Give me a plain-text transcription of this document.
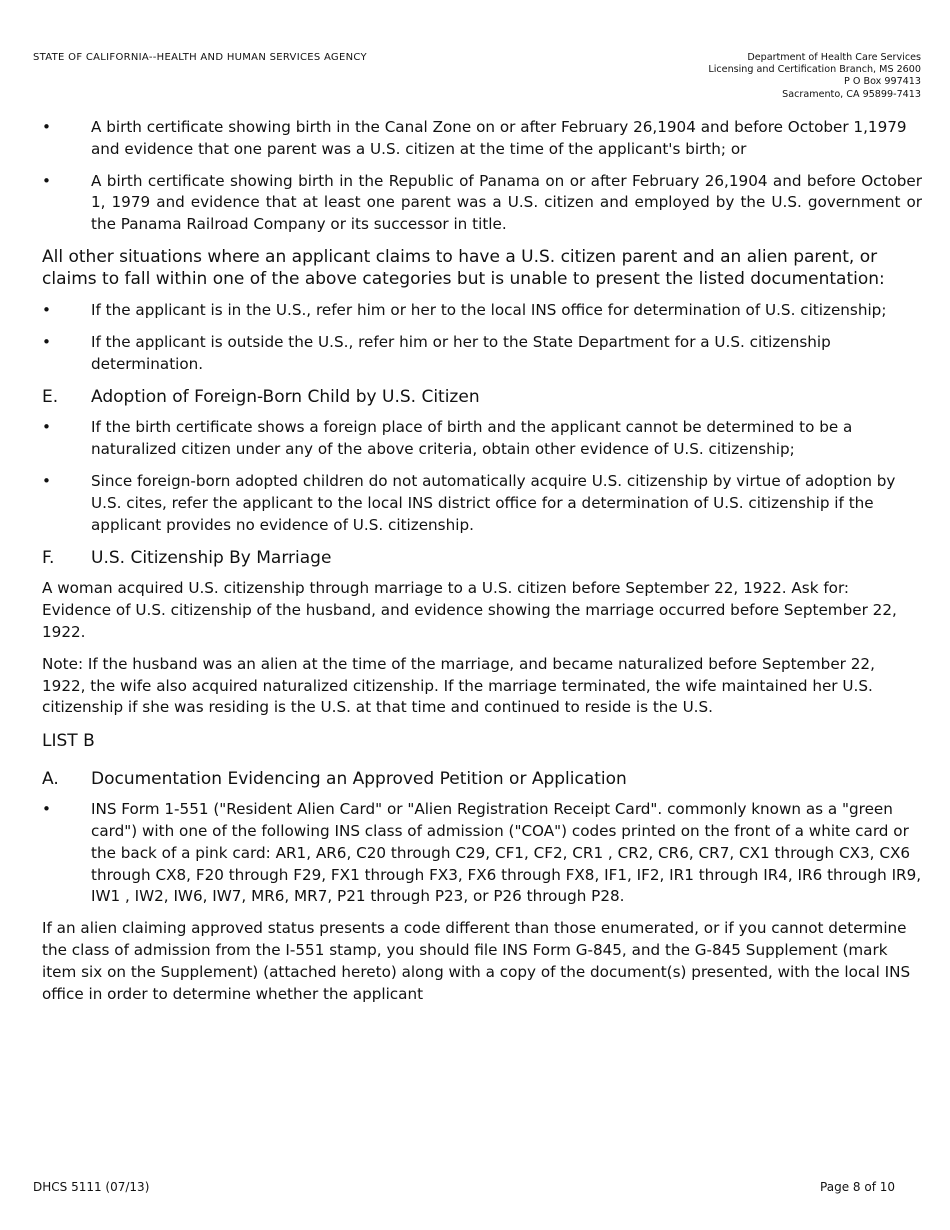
STATE OF CALIFORNIA--HEALTH AND HUMAN SERVICES AGENCY	Department of Health Care Services
Licensing and Certification Branch, MS 2600
P O Box 997413
Sacramento, CA 95899-7413
•	A birth certificate showing birth in the Canal Zone on or after February 26,1904 and before October 1,1979 and evidence that one parent was a U.S. citizen at the time of the applicant's birth; or
•	A birth certificate showing birth in the Republic of Panama on or after February 26,1904 and before October 1, 1979 and evidence that at least one parent was a U.S. citizen and employed by the U.S. government or the Panama Railroad Company or its successor in title.
All other situations where an applicant claims to have a U.S. citizen parent and an alien parent, or claims to fall within one of the above categories but is unable to present the listed documentation:
•	If the applicant is in the U.S., refer him or her to the local INS office for determination of U.S. citizenship;
•	If the applicant is outside the U.S., refer him or her to the State Department for a U.S. citizenship determination.
E. Adoption of Foreign-Born Child by U.S. Citizen
•	If the birth certificate shows a foreign place of birth and the applicant cannot be determined to be a naturalized citizen under any of the above criteria, obtain other evidence of U.S. citizenship;
•	Since foreign-born adopted children do not automatically acquire U.S. citizenship by virtue of adoption by U.S. cites, refer the applicant to the local INS district office for a determination of U.S. citizenship if the applicant provides no evidence of U.S. citizenship.
F. U.S. Citizenship By Marriage
A woman acquired U.S. citizenship through marriage to a U.S. citizen before September 22, 1922. Ask for: Evidence of U.S. citizenship of the husband, and evidence showing the marriage occurred before September 22, 1922.
Note: If the husband was an alien at the time of the marriage, and became naturalized before September 22, 1922, the wife also acquired naturalized citizenship. If the marriage terminated, the wife maintained her U.S. citizenship if she was residing is the U.S. at that time and continued to reside is the U.S.
LIST B
A. Documentation Evidencing an Approved Petition or Application
•	INS Form 1-551 ("Resident Alien Card" or "Alien Registration Receipt Card". commonly known as a "green card") with one of the following INS class of admission ("COA") codes printed on the front of a white card or the back of a pink card: AR1, AR6, C20 through C29, CF1, CF2, CR1 , CR2, CR6, CR7, CX1 through CX3, CX6 through CX8, F20 through F29, FX1 through FX3, FX6 through FX8, IF1, IF2, IR1 through IR4, IR6 through IR9, IW1 , IW2, IW6, IW7, MR6, MR7, P21 through P23, or P26 through P28.
If an alien claiming approved status presents a code different than those enumerated, or if you cannot determine the class of admission from the I-551 stamp, you should file INS Form G-845, and the G-845 Supplement (mark item six on the Supplement) (attached hereto) along with a copy of the document(s) presented, with the local INS office in order to determine whether the applicant
DHCS 5111 (07/13)	Page 8 of 10
